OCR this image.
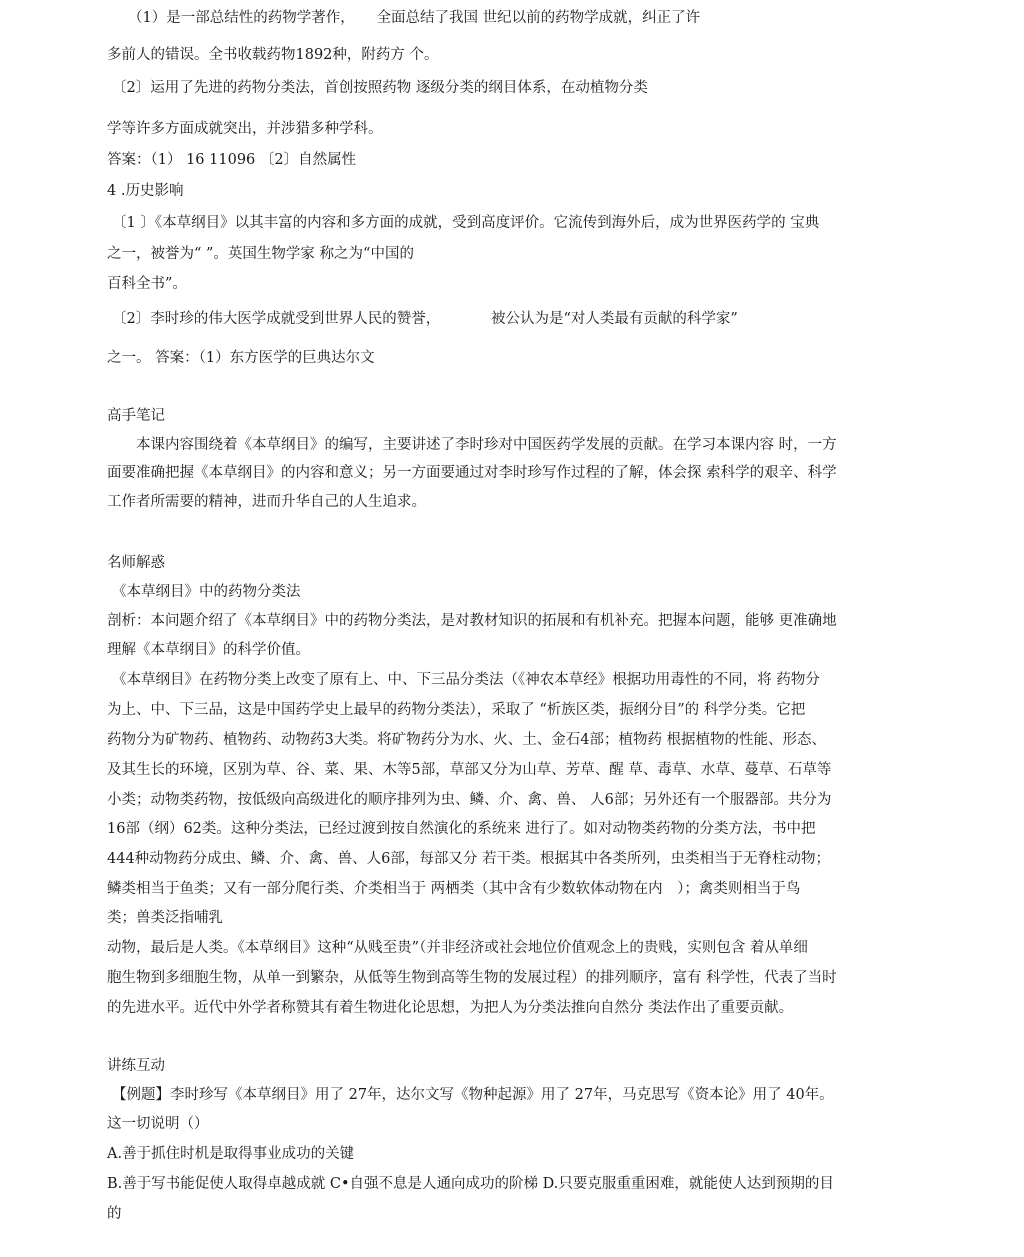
（1）是一部总结性的药物学著作，　　全面总结了我国 世纪以前的药物学成就，纠正了许
多前人的错误。全书收载药物1892种，附药方 个。
〔2〕运用了先进的药物分类法，首创按照药物 逐级分类的纲目体系，在动植物分类
学等许多方面成就突出，并涉猎多种学科。
答案：（1） 16 11096 〔2〕自然属性
4 .历史影响
〔1 〕《本草纲目》以其丰富的内容和多方面的成就，受到高度评价。它流传到海外后，成为世界医药学的 宝典
之一，被誉为“ ”。英国生物学家 称之为“中国的
百科全书”。
〔2〕李时珍的伟大医学成就受到世界人民的赞誉，　　　　被公认为是“对人类最有贡献的科学家”
之一。 答案：（1）东方医学的巨典达尔文
高手笔记
　　本课内容围绕着《本草纲目》的编写，主要讲述了李时珍对中国医药学发展的贡献。在学习本课内容 时，一方
面要准确把握《本草纲目》的内容和意义；另一方面要通过对李时珍写作过程的了解，体会探 索科学的艰辛、科学
工作者所需要的精神，进而升华自己的人生追求。
名师解惑
《本草纲目》中的药物分类法
剖析：本问题介绍了《本草纲目》中的药物分类法，是对教材知识的拓展和有机补充。把握本问题，能够 更准确地
理解《本草纲目》的科学价值。
《本草纲目》在药物分类上改变了原有上、中、下三品分类法（《神农本草经》根据功用毒性的不同，将 药物分
为上、中、下三品，这是中国药学史上最早的药物分类法），采取了 “析族区类，振纲分目”的 科学分类。它把
药物分为矿物药、植物药、动物药3大类。将矿物药分为水、火、土、金石4部；植物药 根据植物的性能、形态、
及其生长的环境，区别为草、谷、菜、果、木等5部，草部又分为山草、芳草、醒 草、毒草、水草、蔓草、石草等
小类；动物类药物，按低级向高级进化的顺序排列为虫、鳞、介、禽、兽、 人6部；另外还有一个服器部。共分为
16部（纲）62类。这种分类法，已经过渡到按自然演化的系统来 进行了。如对动物类药物的分类方法，书中把
444种动物药分成虫、鳞、介、禽、兽、人6部，每部又分 若干类。根据其中各类所列，虫类相当于无脊柱动物；
鳞类相当于鱼类；又有一部分爬行类、介类相当于 两栖类（其中含有少数软体动物在内　）；禽类则相当于鸟
类；兽类泛指哺乳
动物，最后是人类。《本草纲目》这种“从贱至贵”（并非经济或社会地位价值观念上的贵贱，实则包含 着从单细
胞生物到多细胞生物，从单一到繁杂，从低等生物到高等生物的发展过程）的排列顺序，富有 科学性，代表了当时
的先进水平。近代中外学者称赞其有着生物进化论思想，为把人为分类法推向自然分 类法作出了重要贡献。
讲练互动
【例题】李时珍写《本草纲目》用了 27年，达尔文写《物种起源》用了 27年，马克思写《资本论》用了 40年。
这一切说明（）
A.善于抓住时机是取得事业成功的关键
B.善于写书能促使人取得卓越成就 C•自强不息是人通向成功的阶梯 D.只要克服重重困难，就能使人达到预期的目
的
